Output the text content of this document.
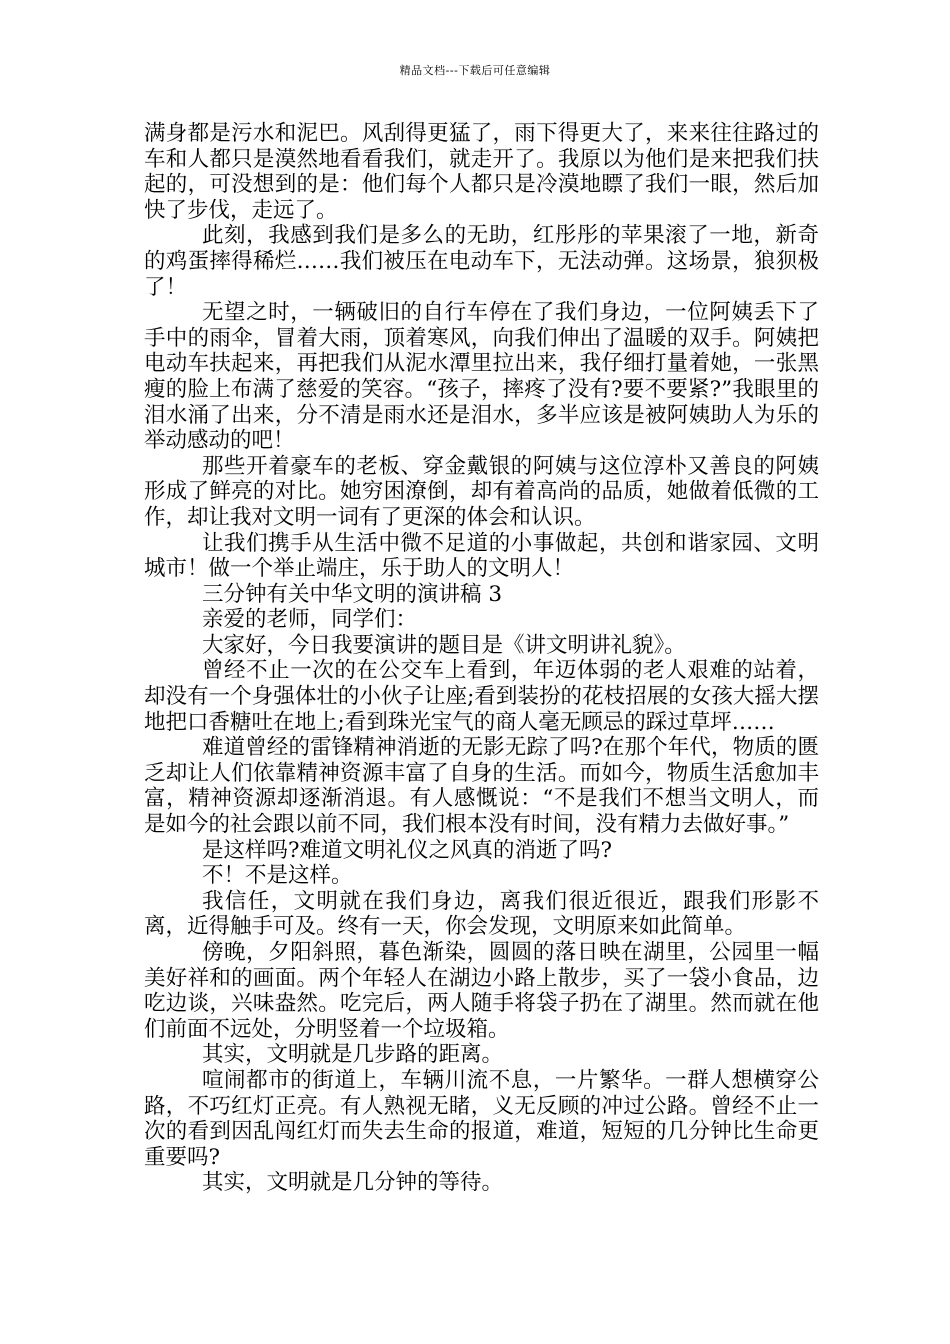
精品文档---下载后可任意编辑

满身都是污水和泥巴。风刮得更猛了，雨下得更大了，来来往往路过的车和人都只是漠然地看看我们，就走开了。我原以为他们是来把我们扶起的，可没想到的是：他们每个人都只是冷漠地瞟了我们一眼，然后加快了步伐，走远了。

此刻，我感到我们是多么的无助，红彤彤的苹果滚了一地，新奇的鸡蛋摔得稀烂……我们被压在电动车下，无法动弹。这场景，狼狈极了！

无望之时，一辆破旧的自行车停在了我们身边，一位阿姨丢下了手中的雨伞，冒着大雨，顶着寒风，向我们伸出了温暖的双手。阿姨把电动车扶起来，再把我们从泥水潭里拉出来，我仔细打量着她，一张黑瘦的脸上布满了慈爱的笑容。“孩子，摔疼了没有?要不要紧?”我眼里的泪水涌了出来，分不清是雨水还是泪水，多半应该是被阿姨助人为乐的举动感动的吧！

那些开着豪车的老板、穿金戴银的阿姨与这位淳朴又善良的阿姨形成了鲜亮的对比。她穷困潦倒，却有着高尚的品质，她做着低微的工作，却让我对文明一词有了更深的体会和认识。

让我们携手从生活中微不足道的小事做起，共创和谐家园、文明城市！做一个举止端庄，乐于助人的文明人！

三分钟有关中华文明的演讲稿 3

亲爱的老师，同学们：

大家好，今日我要演讲的题目是《讲文明讲礼貌》。

曾经不止一次的在公交车上看到，年迈体弱的老人艰难的站着，却没有一个身强体壮的小伙子让座;看到装扮的花枝招展的女孩大摇大摆地把口香糖吐在地上;看到珠光宝气的商人毫无顾忌的踩过草坪……

难道曾经的雷锋精神消逝的无影无踪了吗?在那个年代，物质的匮乏却让人们依靠精神资源丰富了自身的生活。而如今，物质生活愈加丰富，精神资源却逐渐消退。有人感慨说：“不是我们不想当文明人，而是如今的社会跟以前不同，我们根本没有时间，没有精力去做好事。”

是这样吗?难道文明礼仪之风真的消逝了吗?

不！不是这样。

我信任，文明就在我们身边，离我们很近很近，跟我们形影不离，近得触手可及。终有一天，你会发现，文明原来如此简单。

傍晚，夕阳斜照，暮色渐染，圆圆的落日映在湖里，公园里一幅美好祥和的画面。两个年轻人在湖边小路上散步，买了一袋小食品，边吃边谈，兴味盎然。吃完后，两人随手将袋子扔在了湖里。然而就在他们前面不远处，分明竖着一个垃圾箱。

其实，文明就是几步路的距离。

喧闹都市的街道上，车辆川流不息，一片繁华。一群人想横穿公路，不巧红灯正亮。有人熟视无睹，义无反顾的冲过公路。曾经不止一次的看到因乱闯红灯而失去生命的报道，难道，短短的几分钟比生命更重要吗?

其实，文明就是几分钟的等待。
